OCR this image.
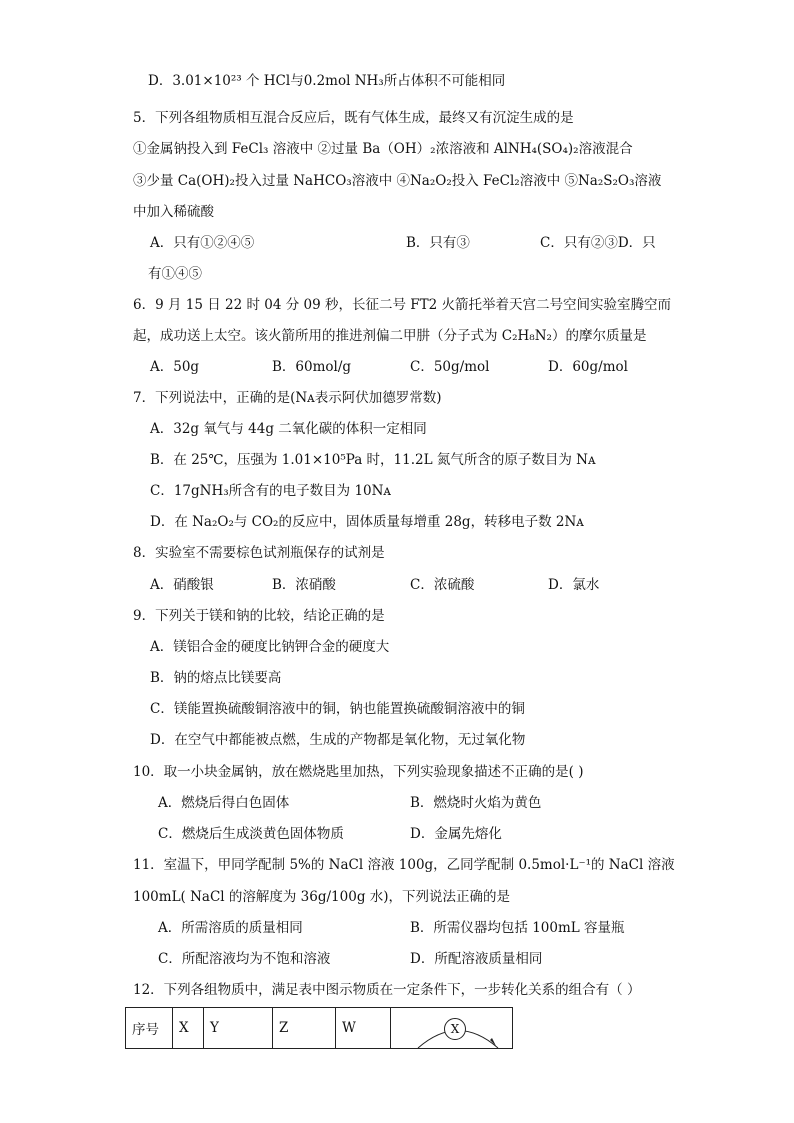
D．3.01×10²³ 个 HCl与0.2mol NH₃所占体积不可能相同
5．下列各组物质相互混合反应后，既有气体生成，最终又有沉淀生成的是
①金属钠投入到 FeCl₃ 溶液中 ②过量 Ba（OH）₂浓溶液和 AlNH₄(SO₄)₂溶液混合
③少量 Ca(OH)₂投入过量 NaHCO₃溶液中 ④Na₂O₂投入 FeCl₂溶液中 ⑤Na₂S₂O₃溶液
中加入稀硫酸
A．只有①②④⑤	B．只有③	C．只有②③D．只
有①④⑤
6．9 月 15 日 22 时 04 分 09 秒，长征二号 FT2 火箭托举着天宫二号空间实验室腾空而
起，成功送上太空。该火箭所用的推进剂偏二甲肼（分子式为 C₂H₈N₂）的摩尔质量是
A．50g	B．60mol/g	C．50g/mol	D．60g/mol
7．下列说法中，正确的是(Nᴀ表示阿伏加德罗常数)
A．32g 氧气与 44g 二氧化碳的体积一定相同
B．在 25℃，压强为 1.01×10⁵Pa 时，11.2L 氮气所含的原子数目为 Nᴀ
C．17gNH₃所含有的电子数目为 10Nᴀ
D．在 Na₂O₂与 CO₂的反应中，固体质量每增重 28g，转移电子数 2Nᴀ
8．实验室不需要棕色试剂瓶保存的试剂是
A．硝酸银	B．浓硝酸	C．浓硫酸	D．氯水
9．下列关于镁和钠的比较，结论正确的是
A．镁铝合金的硬度比钠钾合金的硬度大
B．钠的熔点比镁要高
C．镁能置换硫酸铜溶液中的铜，钠也能置换硫酸铜溶液中的铜
D．在空气中都能被点燃，生成的产物都是氧化物，无过氧化物
10．取一小块金属钠，放在燃烧匙里加热，下列实验现象描述不正确的是( )
A．燃烧后得白色固体	B．燃烧时火焰为黄色
C．燃烧后生成淡黄色固体物质	D．金属先熔化
11．室温下，甲同学配制 5%的 NaCl 溶液 100g，乙同学配制 0.5mol·L⁻¹的 NaCl 溶液
100mL( NaCl 的溶解度为 36g/100g 水)，下列说法正确的是
A．所需溶质的质量相同	B．所需仪器均包括 100mL 容量瓶
C．所配溶液均为不饱和溶液	D．所配溶液质量相同
12．下列各组物质中，满足表中图示物质在一定条件下，一步转化关系的组合有（ ）
序号	X	Y	Z	W		X
